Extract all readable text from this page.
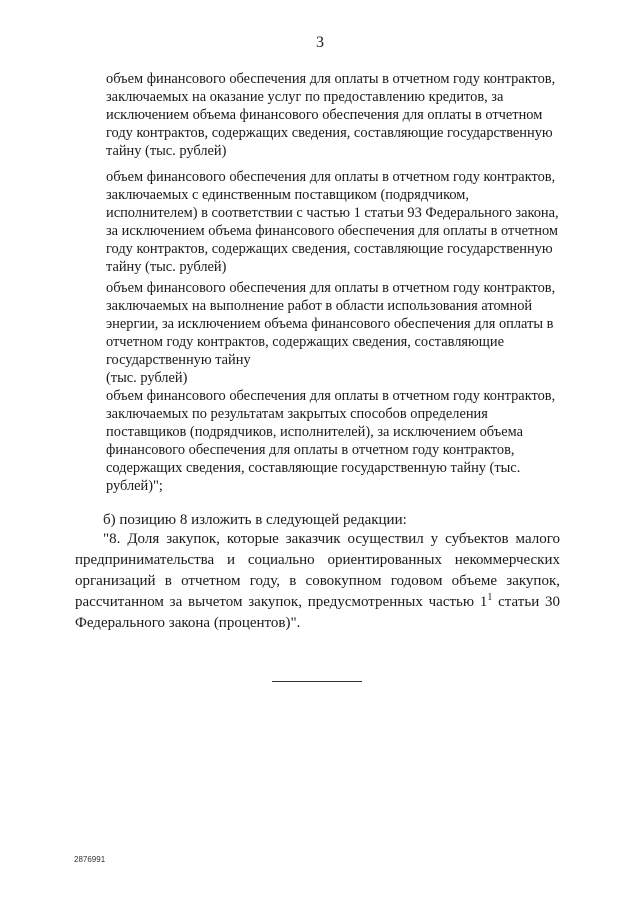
3

объем финансового обеспечения для оплаты в отчетном году контрактов, заключаемых на оказание услуг по предоставлению кредитов, за исключением объема финансового обеспечения для оплаты в отчетном году контрактов, содержащих сведения, составляющие государственную тайну (тыс. рублей)

объем финансового обеспечения для оплаты в отчетном году контрактов, заключаемых с единственным поставщиком (подрядчиком, исполнителем) в соответствии с частью 1 статьи 93 Федерального закона, за исключением объема финансового обеспечения для оплаты в отчетном году контрактов, содержащих сведения, составляющие государственную тайну (тыс. рублей)

объем финансового обеспечения для оплаты в отчетном году контрактов, заключаемых на выполнение работ в области использования атомной энергии, за исключением объема финансового обеспечения для оплаты в отчетном году контрактов, содержащих сведения, составляющие государственную тайну

(тыс. рублей)

объем финансового обеспечения для оплаты в отчетном году контрактов, заключаемых по результатам закрытых способов определения поставщиков (подрядчиков, исполнителей), за исключением объема финансового обеспечения для оплаты в отчетном году контрактов, содержащих сведения, составляющие государственную тайну (тыс. рублей)";

б) позицию 8 изложить в следующей редакции:

"8. Доля закупок, которые заказчик осуществил у субъектов малого предпринимательства и социально ориентированных некоммерческих организаций в отчетном году, в совокупном годовом объеме закупок, рассчитанном за вычетом закупок, предусмотренных частью $1^1$ статьи 30 Федерального закона (процентов)".

2876991
